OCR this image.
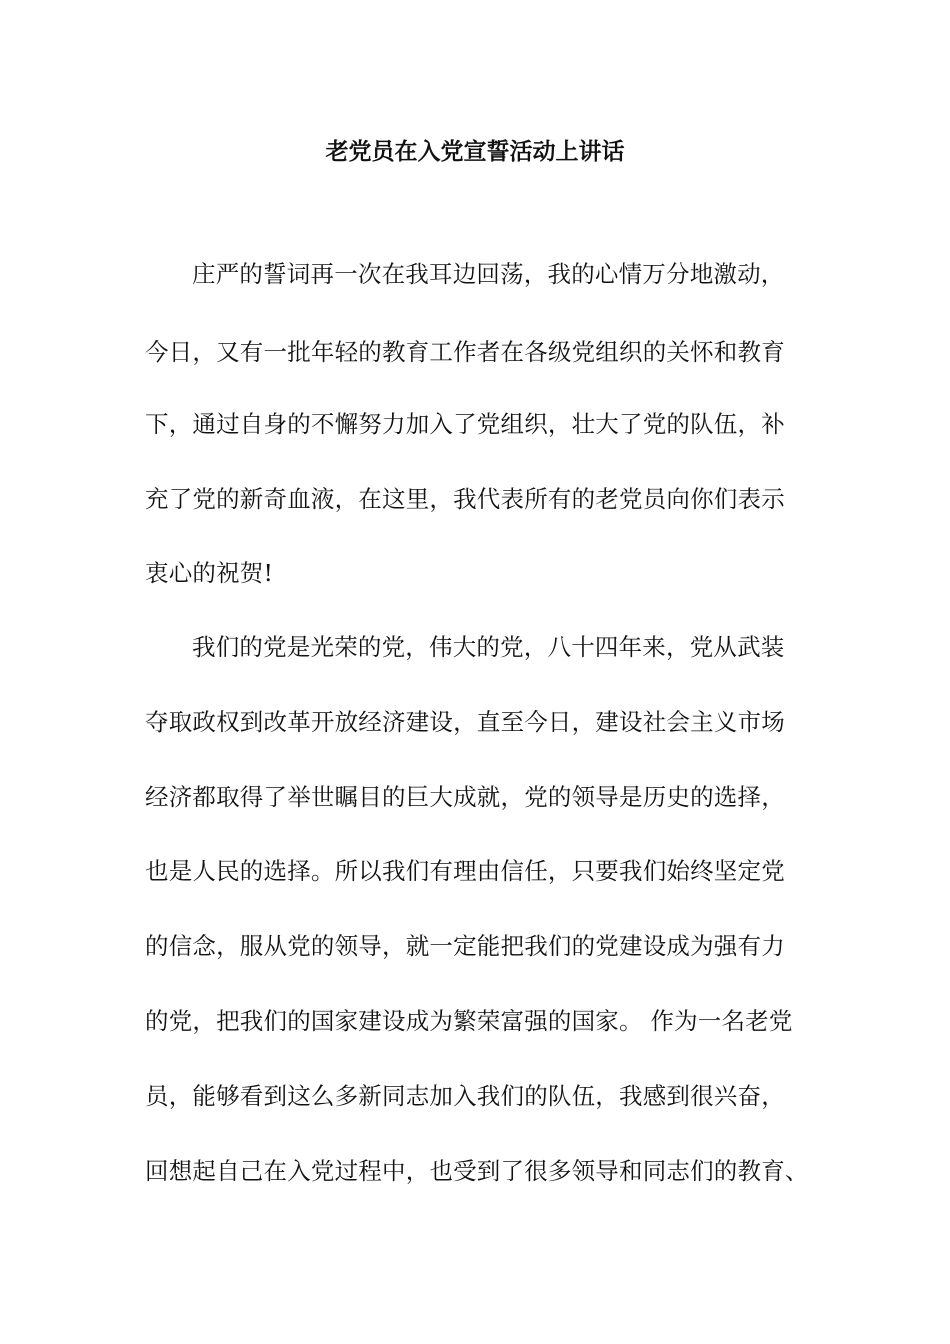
老党员在入党宣誓活动上讲话
庄严的誓词再一次在我耳边回荡，我的心情万分地激动，
今日，又有一批年轻的教育工作者在各级党组织的关怀和教育
下，通过自身的不懈努力加入了党组织，壮大了党的队伍，补
充了党的新奇血液，在这里，我代表所有的老党员向你们表示
衷心的祝贺!
我们的党是光荣的党，伟大的党，八十四年来，党从武装
夺取政权到改革开放经济建设，直至今日，建设社会主义市场
经济都取得了举世瞩目的巨大成就，党的领导是历史的选择，
也是人民的选择。所以我们有理由信任，只要我们始终坚定党
的信念，服从党的领导，就一定能把我们的党建设成为强有力
的党，把我们的国家建设成为繁荣富强的国家。 作为一名老党
员，能够看到这么多新同志加入我们的队伍，我感到很兴奋，
回想起自己在入党过程中，也受到了很多领导和同志们的教育、
